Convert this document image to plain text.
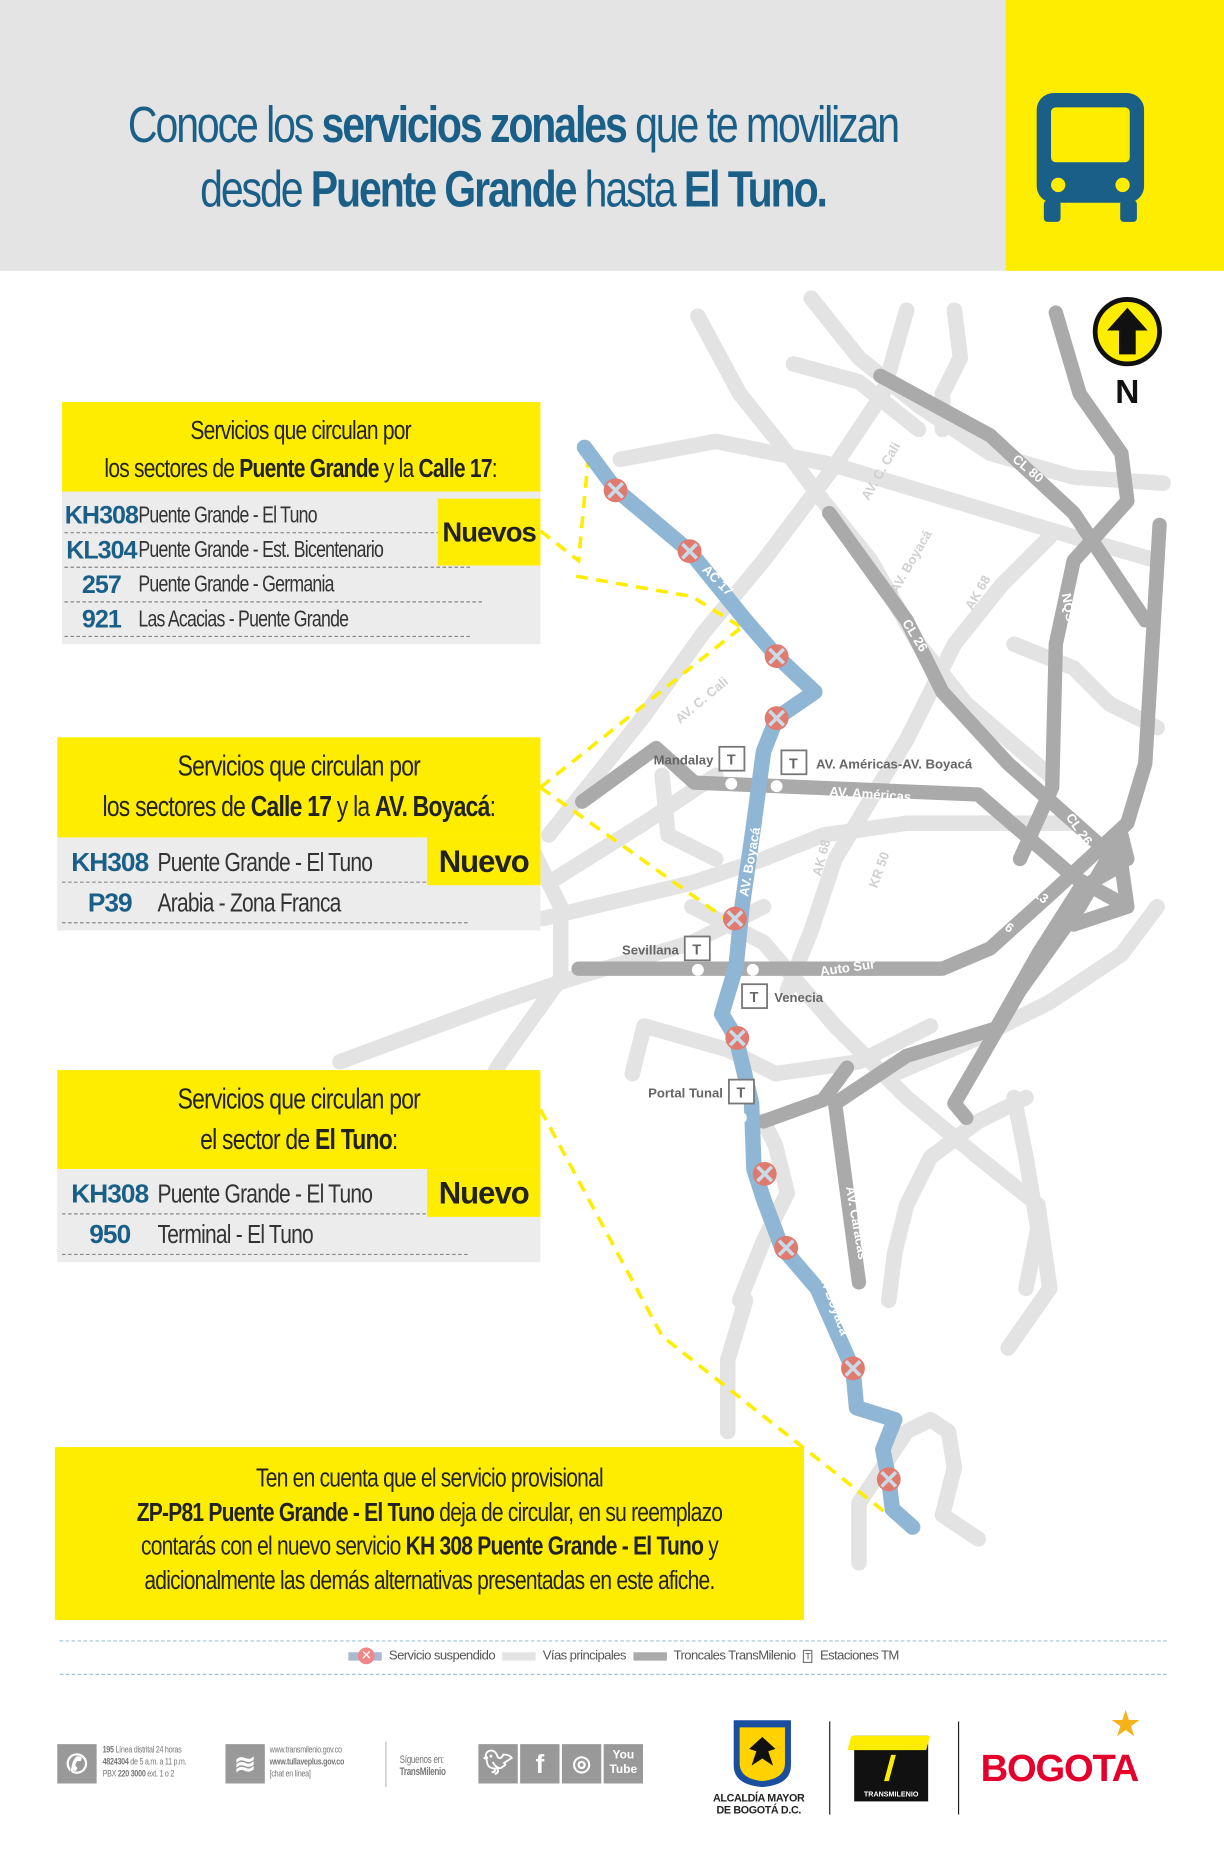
Conoce los servicios zonales que te movilizan
desde Puente Grande hasta El Tuno.
T
Mandalay	T AV. Américas-AV. Boyacá
T
Sevillana
T Venecia
T
Portal Tunal
AC 17
AV. C. Cali
AV. C. Cali
AV. Boyacá
AV. Boyacá
AV. Boyacá
AK 68
AK 68	KR 50
CL 26
CL 26
CL 80
NQS
NQS
AC 13
AC 6
AV. Caracas
AV. Caracas
AK 10
AV. Américas
Auto Sur
N
Servicios que circulan por
los sectores de Puente Grande y la Calle 17:
KH308Puente Grande - El Tuno
KL304Puente Grande - Est. Bicentenario
257 Puente Grande - Germania
921 Las Acacias - Puente Grande
Nuevos
Servicios que circulan por
los sectores de Calle 17 y la AV. Boyacá:
KH308 Puente Grande - El Tuno
P39 Arabia - Zona Franca
Nuevo
Servicios que circulan por
el sector de El Tuno:
KH308 Puente Grande - El Tuno
950 Terminal - El Tuno
Nuevo
Ten en cuenta que el servicio provisional
ZP-P81 Puente Grande - El Tuno deja de circular, en su reemplazo
contarás con el nuevo servicio KH 308 Puente Grande - El Tuno y
adicionalmente las demás alternativas presentadas en este afiche.
✕ Servicio suspendido	Vías principales	Troncales TransMilenio T Estaciones TM
✆	195 Línea distrital 24 horas
4824304 de 5 a.m. a 11 p.m.
PBX 220 3000 ext. 1 o 2	≋	www.transmilenio.gov.co
www.tullaveplus.gov.co
[chat en línea]
Síguenos en:
TransMilenio 🐦︎	f	◎	You
Tube
ALCALDÍA MAYOR
DE BOGOTÁ D.C.
TRANSMILENIO
BOGOTA
★
